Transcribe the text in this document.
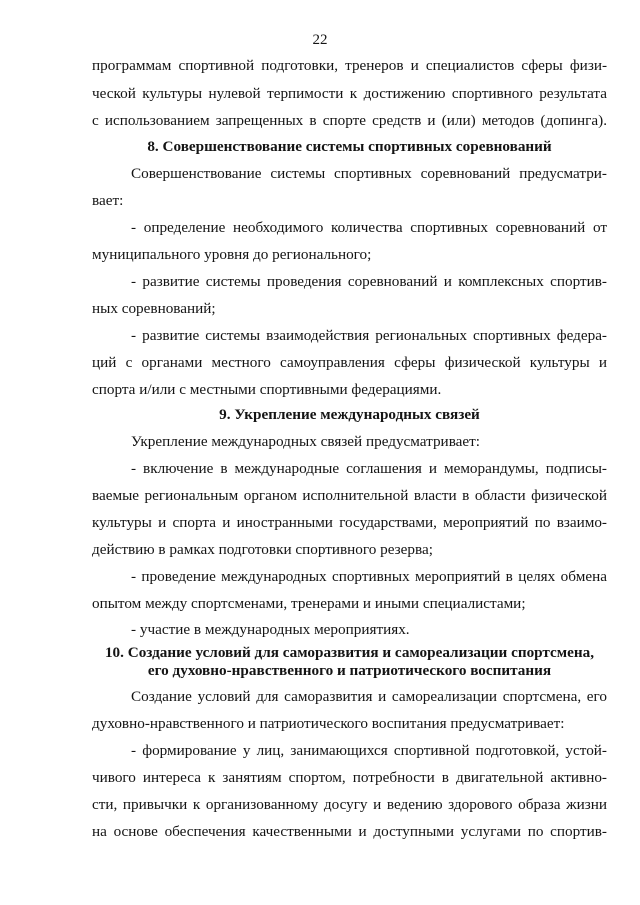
22
программам спортивной подготовки, тренеров и специалистов сферы физи-
ческой культуры нулевой терпимости к достижению спортивного результата
с использованием запрещенных в спорте средств и (или) методов (допинга).
8. Совершенствование системы спортивных соревнований
Совершенствование системы спортивных соревнований предусматри-
вает:
- определение необходимого количества спортивных соревнований от
муниципального уровня до регионального;
- развитие системы проведения соревнований и комплексных спортив-
ных соревнований;
- развитие системы взаимодействия региональных спортивных федера-
ций с органами местного самоуправления сферы физической культуры и
спорта и/или с местными спортивными федерациями.
9. Укрепление международных связей
Укрепление международных связей предусматривает:
- включение в международные соглашения и меморандумы, подписы-
ваемые региональным органом исполнительной власти в области физической
культуры и спорта и иностранными государствами, мероприятий по взаимо-
действию в рамках подготовки спортивного резерва;
- проведение международных спортивных мероприятий в целях обмена
опытом между спортсменами, тренерами и иными специалистами;
- участие в международных мероприятиях.
10. Создание условий для саморазвития и самореализации спортсмена,
его духовно-нравственного и патриотического воспитания
Создание условий для саморазвития и самореализации спортсмена, его
духовно-нравственного и патриотического воспитания предусматривает:
- формирование у лиц, занимающихся спортивной подготовкой, устой-
чивого интереса к занятиям спортом, потребности в двигательной активно-
сти, привычки к организованному досугу и ведению здорового образа жизни
на основе обеспечения качественными и доступными услугами по спортив-
